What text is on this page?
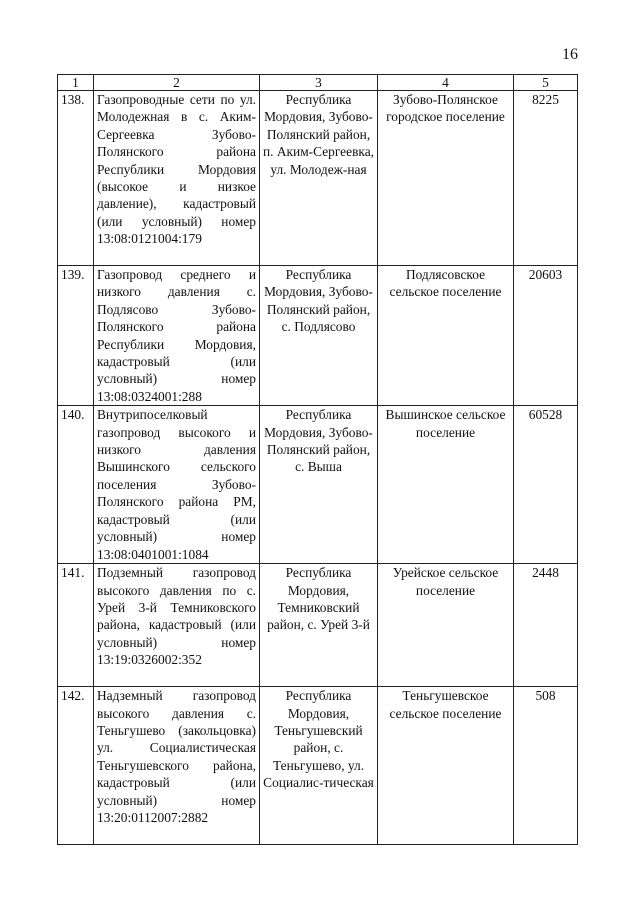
16
1	2	3	4	5
138.	Газопроводные сети по ул. Молодежная в с. Аким-Сергеевка Зубово-Полянского района Республики Мордовия (высокое и низкое давление), кадастровый (или условный) номер 13:08:0121004:179	Республика Мордовия, Зубово-Полянский район, п. Аким-Сергеевка, ул. Молодеж-ная	Зубово-Полянское городское поселение	8225
139.	Газопровод среднего и низкого давления с. Подлясово Зубово-Полянского района Республики Мордовия, кадастровый (или условный) номер 13:08:0324001:288	Республика Мордовия, Зубово-Полянский район, с. Подлясово	Подлясовское сельское поселение	20603
140.	Внутрипоселковый газопровод высокого и низкого давления Вышинского сельского поселения Зубово-Полянского района РМ, кадастровый (или условный) номер 13:08:0401001:1084	Республика Мордовия, Зубово-Полянский район, с. Выша	Вышинское сельское поселение	60528
141.	Подземный газопровод высокого давления по с. Урей 3-й Темниковского района, кадастровый (или условный) номер 13:19:0326002:352	Республика Мордовия, Темниковский район, с. Урей 3-й	Урейское сельское поселение	2448
142.	Надземный газопровод высокого давления с. Теньгушево (закольцовка) ул. Социалистическая Теньгушевского района, кадастровый (или условный) номер 13:20:0112007:2882	Республика Мордовия, Теньгушевский район, с. Теньгушево, ул. Социалис-тическая	Теньгушевское сельское поселение	508
